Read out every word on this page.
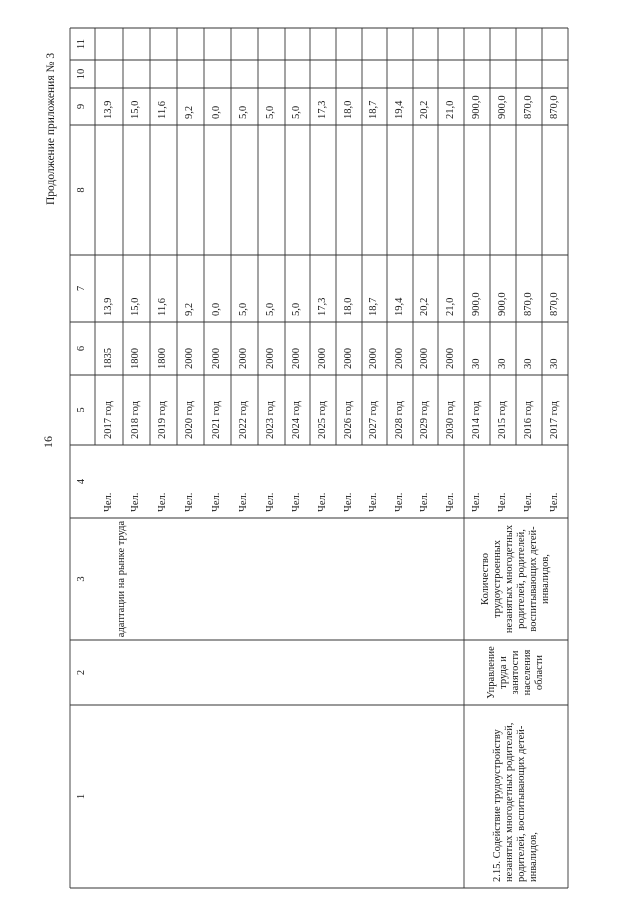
16
Продолжение приложения № 3
1
2
3
4
5
6
7
8
9
10
11
Чел.
2017 год
1835
13,9
13,9
Чел.
2018 год
1800
15,0
15,0
Чел.
2019 год
1800
11,6
11,6
Чел.
2020 год
2000
9,2
9,2
Чел.
2021 год
2000
0,0
0,0
Чел.
2022 год
2000
5,0
5,0
Чел.
2023 год
2000
5,0
5,0
Чел.
2024 год
2000
5,0
5,0
Чел.
2025 год
2000
17,3
17,3
Чел.
2026 год
2000
18,0
18,0
Чел.
2027 год
2000
18,7
18,7
Чел.
2028 год
2000
19,4
19,4
Чел.
2029 год
2000
20,2
20,2
Чел.
2030 год
2000
21,0
21,0
адаптации на рынке труда
Чел.
2014 год
30
900,0
900,0
Чел.
2015 год
30
900,0
900,0
Чел.
2016 год
30
870,0
870,0
Чел.
2017 год
30
870,0
870,0
2.15. Содействие трудоустройству незанятых многодетных родителей, родителей, воспитывающих детей-инвалидов,
Управление труда и занятости населения области
Количество трудоустроенных незанятых многодетных родителей, родителей, воспитывающих детей-инвалидов,
